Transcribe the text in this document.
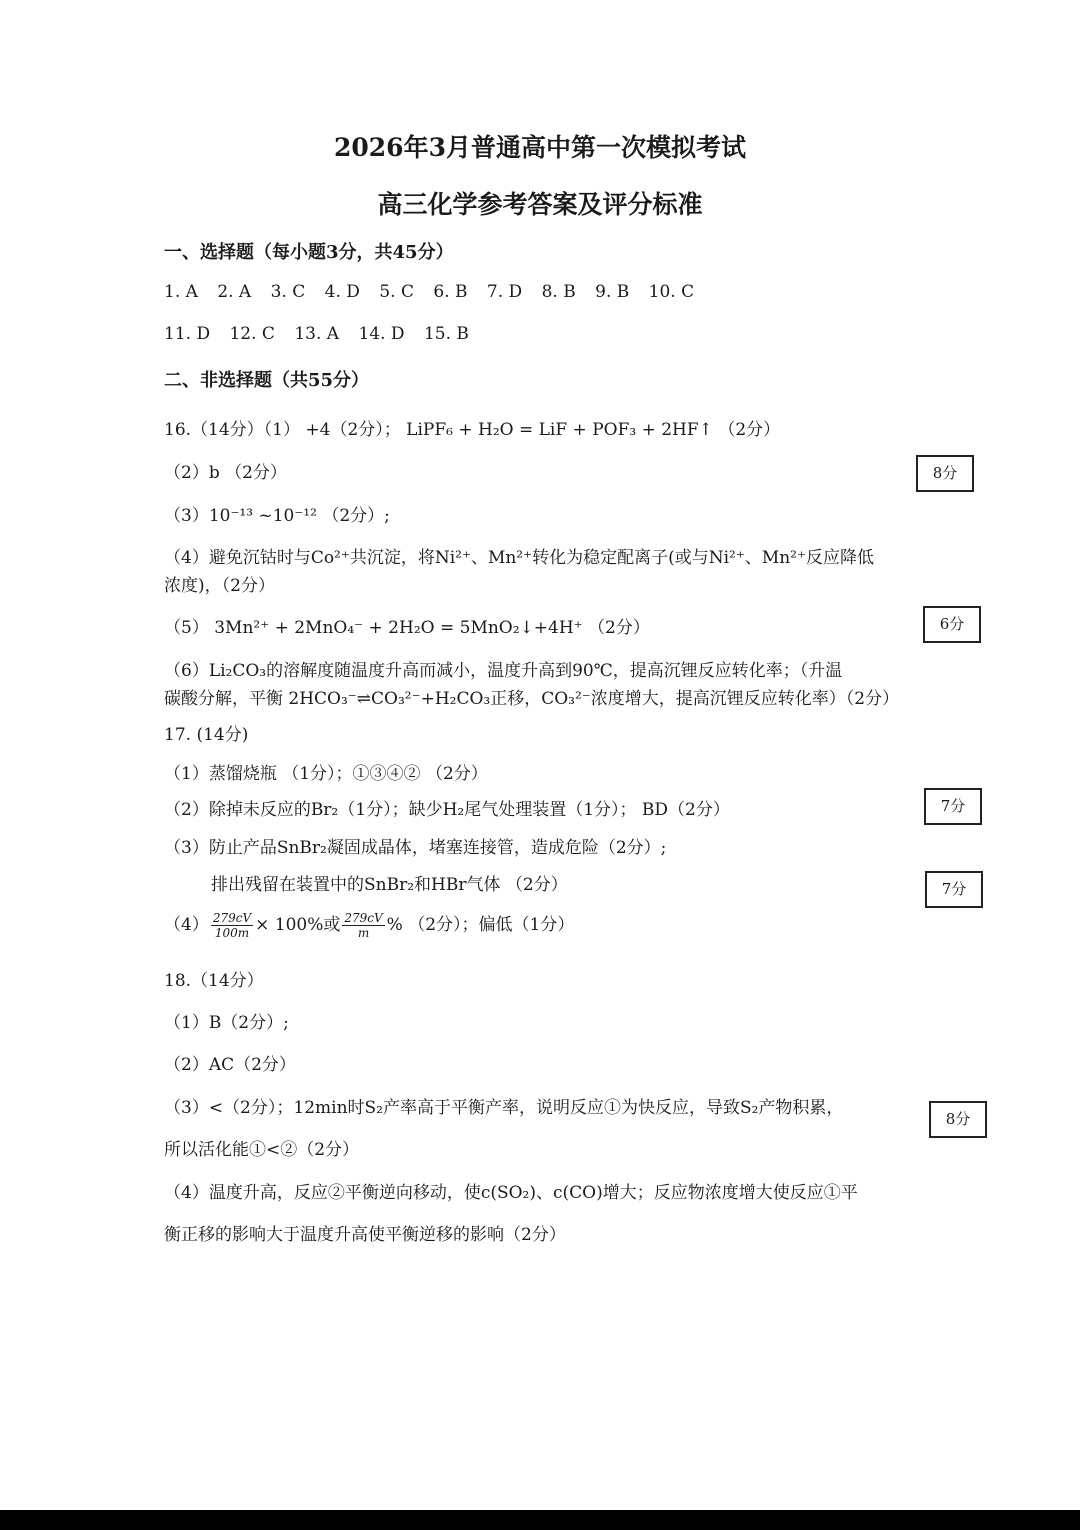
2026年3月普通高中第一次模拟考试
高三化学参考答案及评分标准
一、选择题（每小题3分，共45分）
1. A 2. A 3. C 4. D 5. C 6. B 7. D 8. B 9. B 10. C
11. D 12. C 13. A 14. D 15. B
二、非选择题（共55分）
16.（14分）（1） +4（2分）； LiPF₆ + H₂O = LiF + POF₃ + 2HF↑ （2分）
（2）b （2分）
（3）10⁻¹³ ~10⁻¹² （2分）;
（4）避免沉钴时与Co²⁺共沉淀，将Ni²⁺、Mn²⁺转化为稳定配离子(或与Ni²⁺、Mn²⁺反应降低
浓度)，（2分）
（5） 3Mn²⁺ + 2MnO₄⁻ + 2H₂O = 5MnO₂↓+4H⁺ （2分）
（6）Li₂CO₃的溶解度随温度升高而减小，温度升高到90℃，提高沉锂反应转化率；（升温
碳酸分解，平衡 2HCO₃⁻⇌CO₃²⁻+H₂CO₃正移，CO₃²⁻浓度增大，提高沉锂反应转化率）（2分）
17. (14分)
（1）蒸馏烧瓶 （1分）；①③④② （2分）
（2）除掉未反应的Br₂（1分）；缺少H₂尾气处理装置（1分）； BD（2分）
（3）防止产品SnBr₂凝固成晶体，堵塞连接管，造成危险（2分）;
排出残留在装置中的SnBr₂和HBr气体 （2分）
$(4) \frac{279cV}{100m} \times 100\%$或 $\frac{279cV}{m}$ % （2分）；偏低（1分）
18.（14分）
（1）B（2分）;
（2）AC（2分）
（3）<（2分）；12min时S₂产率高于平衡产率，说明反应①为快反应，导致S₂产物积累，
所以活化能①<②（2分）
（4）温度升高，反应②平衡逆向移动，使c(SO₂)、c(CO)增大；反应物浓度增大使反应①平
衡正移的影响大于温度升高使平衡逆移的影响（2分）
8分
6分
7分
7分
8分
